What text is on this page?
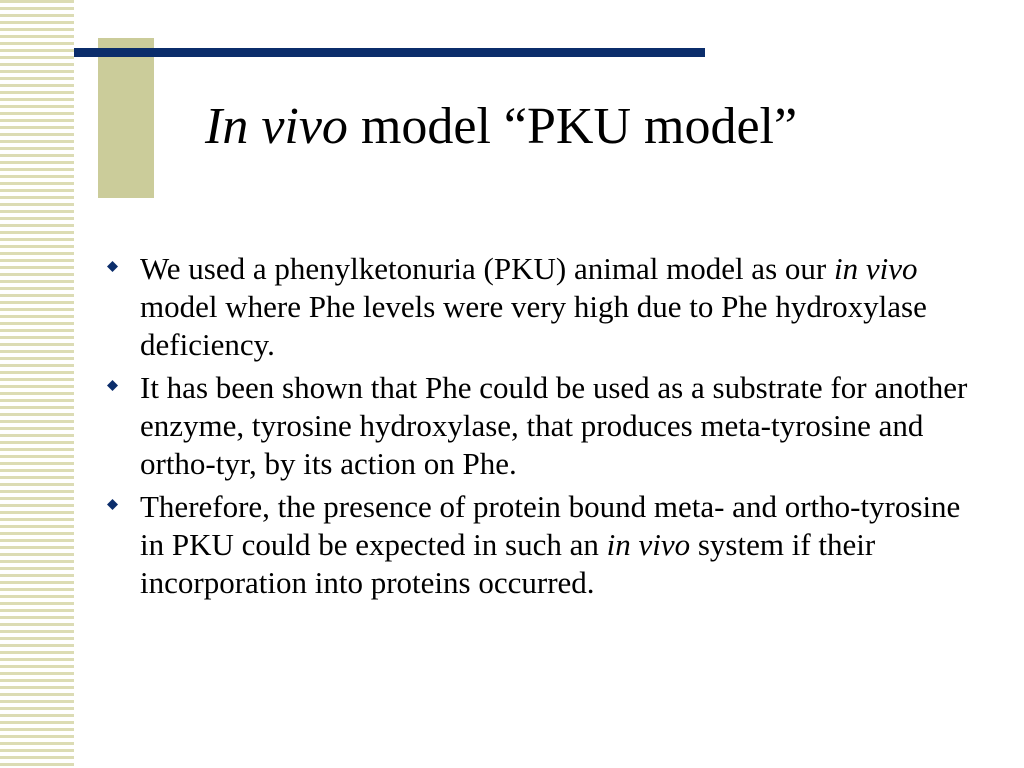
In vivo model “PKU model”
We used a phenylketonuria (PKU) animal model as our in vivo model where Phe levels were very high due to Phe hydroxylase deficiency.
It has been shown that Phe could be used as a substrate for another enzyme, tyrosine hydroxylase, that produces meta-tyrosine and ortho-tyr, by its action on Phe.
Therefore, the presence of protein bound meta- and ortho-tyrosine in PKU could be expected in such an in vivo system if their incorporation into proteins occurred.
